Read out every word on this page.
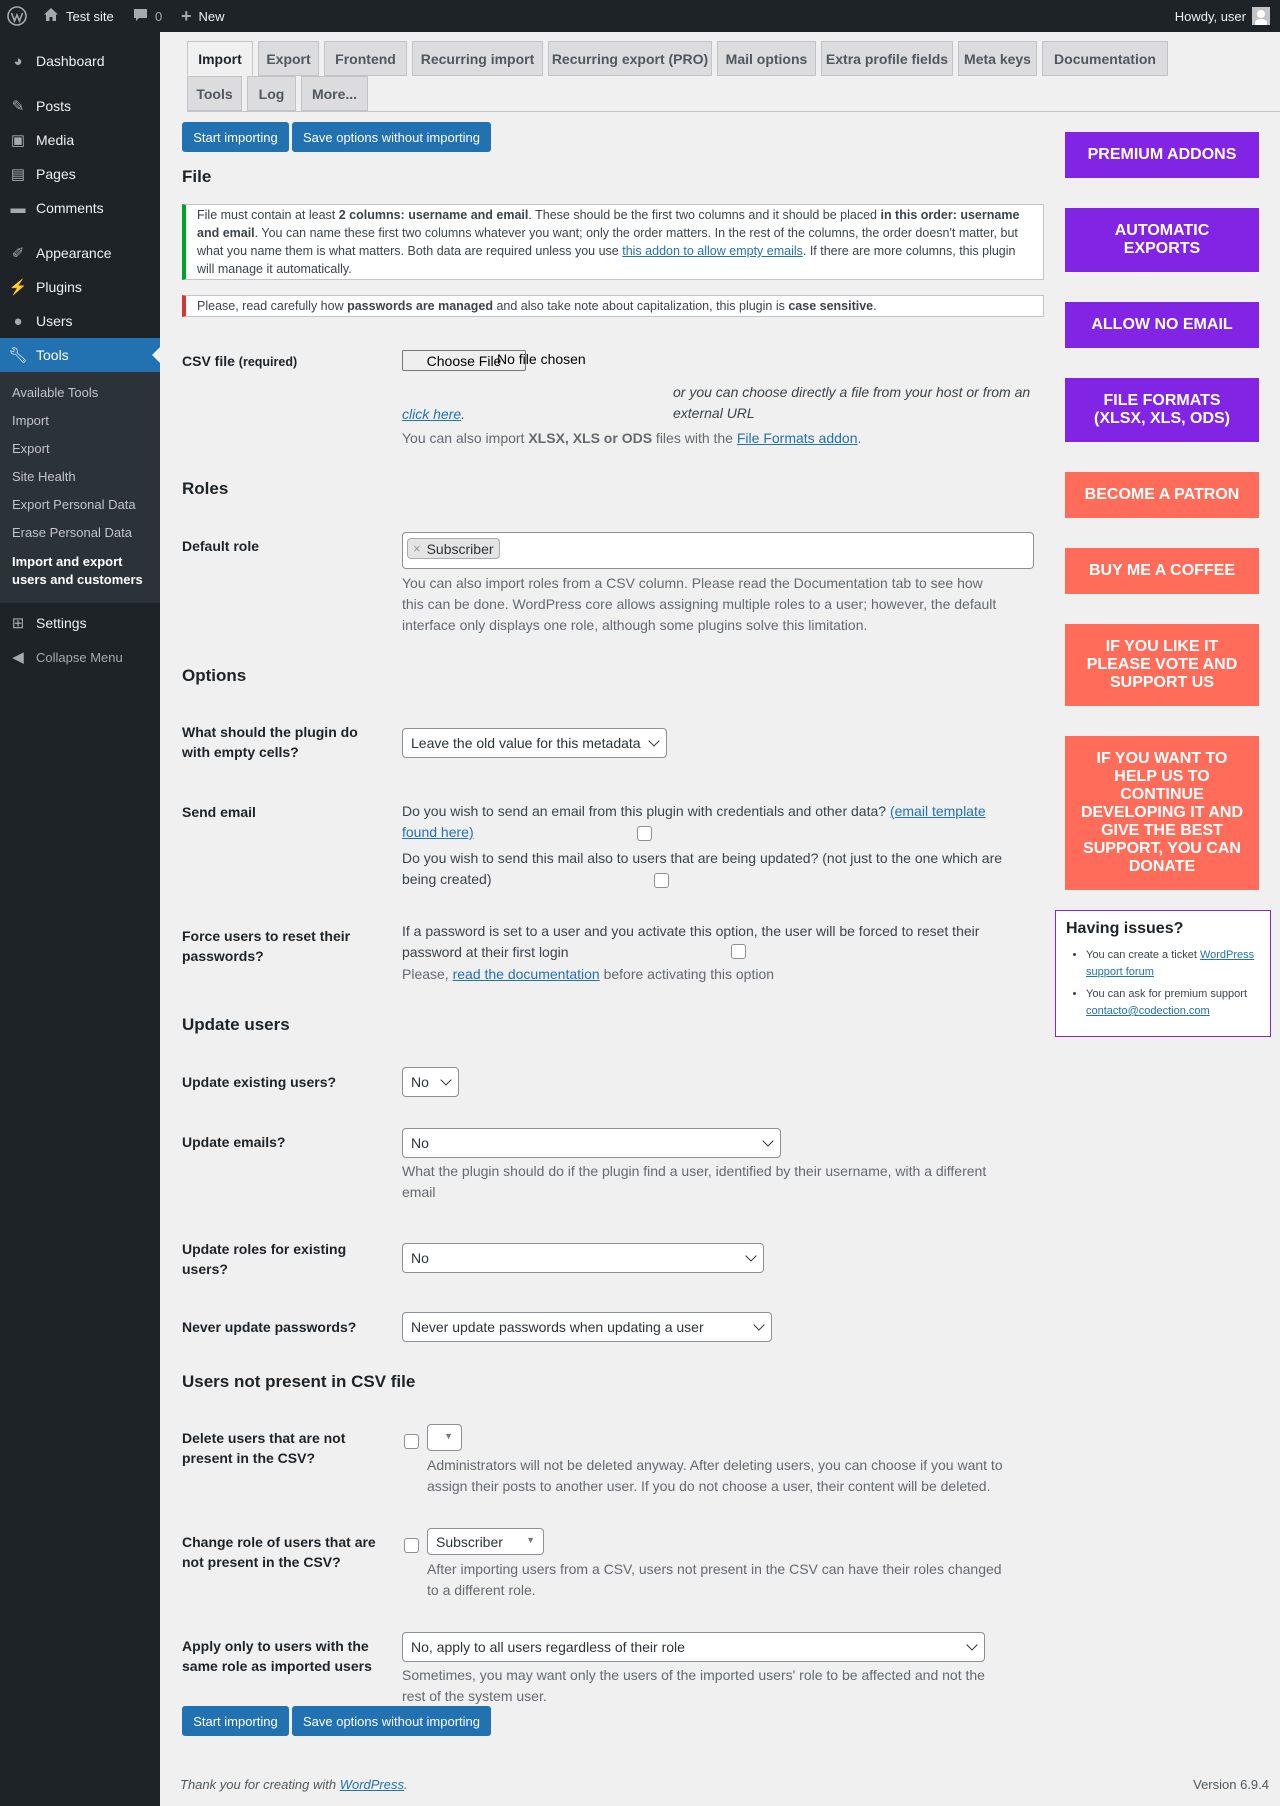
Test site	0 + New	Howdy, user
◕ Dashboard
✎ Posts
▣ Media
▤ Pages
▬ Comments
✐ Appearance
⚡ Plugins
● Users
🔧︎ Tools
Available Tools
Import
Export
Site Health
Export Personal Data
Erase Personal Data
Import and export users and customers
⊞ Settings
◀ Collapse Menu
Import	Export	Frontend	Recurring import	Recurring export (PRO)	Mail options	Extra profile fields	Meta keys	Documentation
Tools	Log	More...
Start importing	Save options without importing
File
File must contain at least 2 columns: username and email. These should be the first two columns and it should be placed in this order: username and email. You can name these first two columns whatever you want; only the order matters. In the rest of the columns, the order doesn't matter, but what you name them is what matters. Both data are required unless you use this addon to allow empty emails. If there are more columns, this plugin will manage it automatically.
Please, read carefully how passwords are managed and also take note about capitalization, this plugin is case sensitive.
CSV file (required)	Choose File
No file chosen
or you can choose directly a file from your host or from an external URL
click here.
You can also import XLSX, XLS or ODS files with the File Formats addon.
Roles
Default role	× Subscriber
You can also import roles from a CSV column. Please read the Documentation tab to see how this can be done. WordPress core allows assigning multiple roles to a user; however, the default interface only displays one role, although some plugins solve this limitation.
Options
What should the plugin do with empty cells?
Leave the old value for this metadata
Send email	Do you wish to send an email from this plugin with credentials and other data? (email template found here)
Do you wish to send this mail also to users that are being updated? (not just to the one which are being created)
Force users to reset their passwords?
If a password is set to a user and you activate this option, the user will be forced to reset their password at their first login
Please, read the documentation before activating this option
Update users
Update existing users?	No
Update emails?	No
What the plugin should do if the plugin find a user, identified by their username, with a different email
Update roles for existing users?
No
Never update passwords?	Never update passwords when updating a user
Users not present in CSV file
Delete users that are not present in the CSV?
▼
Administrators will not be deleted anyway. After deleting users, you can choose if you want to assign their posts to another user. If you do not choose a user, their content will be deleted.
Change role of users that are not present in the CSV?
Subscriber	▼
After importing users from a CSV, users not present in the CSV can have their roles changed to a different role.
Apply only to users with the same role as imported users
No, apply to all users regardless of their role
Sometimes, you may want only the users of the imported users' role to be affected and not the rest of the system user.
Start importing	Save options without importing
PREMIUM ADDONS
AUTOMATIC EXPORTS
ALLOW NO EMAIL
FILE FORMATS (XLSX, XLS, ODS)
BECOME A PATRON
BUY ME A COFFEE
IF YOU LIKE IT PLEASE VOTE AND SUPPORT US
IF YOU WANT TO HELP US TO CONTINUE DEVELOPING IT AND GIVE THE BEST SUPPORT, YOU CAN DONATE
Having issues?
• You can create a ticket WordPress support forum
• You can ask for premium support contacto@codection.com
Thank you for creating with WordPress.	Version 6.9.4
